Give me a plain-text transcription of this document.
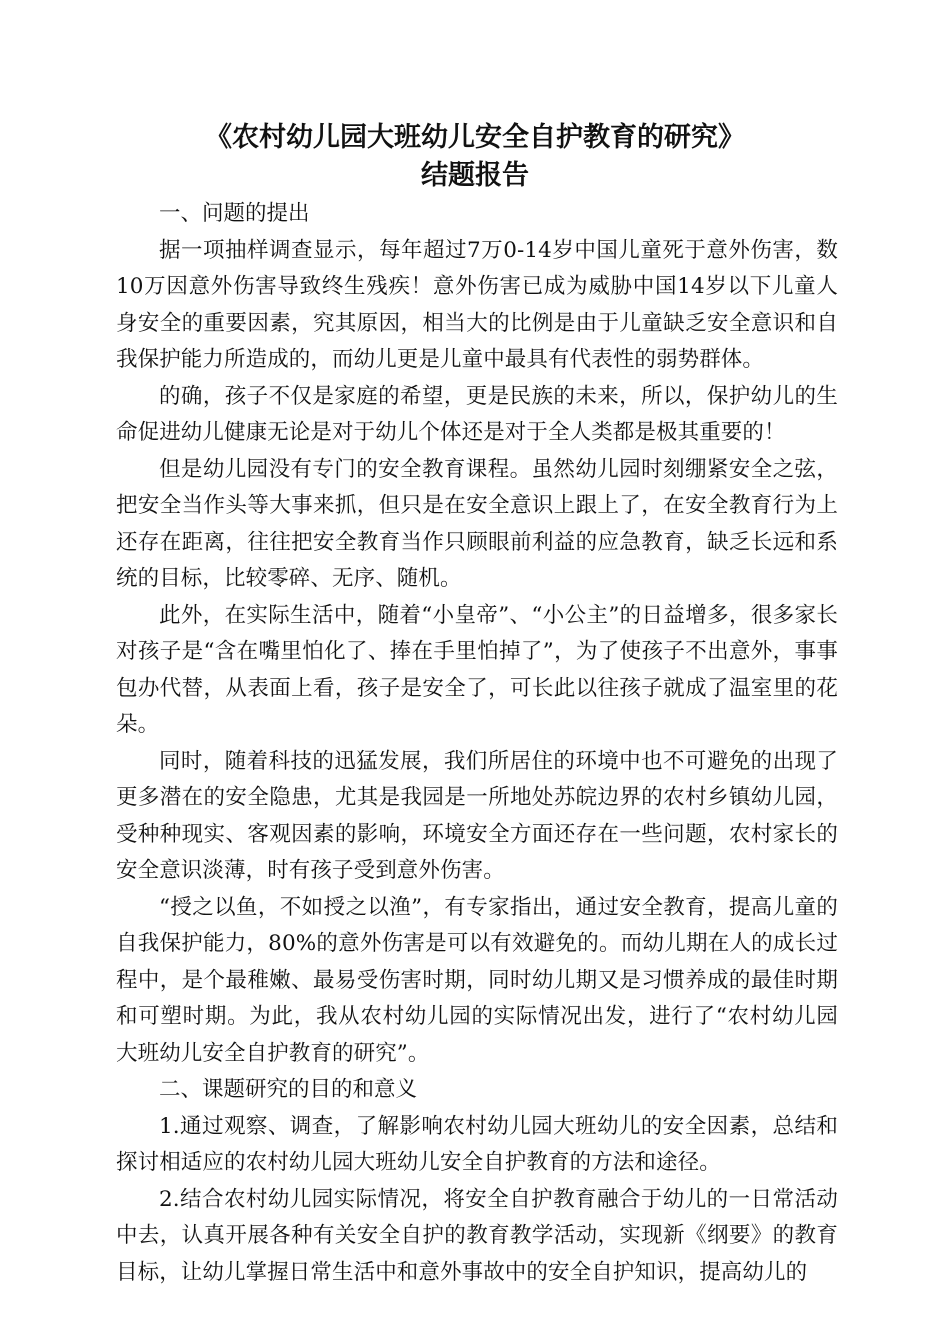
《农村幼儿园大班幼儿安全自护教育的研究》
结题报告

一、问题的提出

据一项抽样调查显示，每年超过7万0-14岁中国儿童死于意外伤害，数10万因意外伤害导致终生残疾！意外伤害已成为威胁中国14岁以下儿童人身安全的重要因素，究其原因，相当大的比例是由于儿童缺乏安全意识和自我保护能力所造成的，而幼儿更是儿童中最具有代表性的弱势群体。

的确，孩子不仅是家庭的希望，更是民族的未来，所以，保护幼儿的生命促进幼儿健康无论是对于幼儿个体还是对于全人类都是极其重要的！

但是幼儿园没有专门的安全教育课程。虽然幼儿园时刻绷紧安全之弦，把安全当作头等大事来抓，但只是在安全意识上跟上了，在安全教育行为上还存在距离，往往把安全教育当作只顾眼前利益的应急教育，缺乏长远和系统的目标，比较零碎、无序、随机。

此外，在实际生活中，随着“小皇帝”、“小公主”的日益增多，很多家长对孩子是“含在嘴里怕化了、捧在手里怕掉了”，为了使孩子不出意外，事事包办代替，从表面上看，孩子是安全了，可长此以往孩子就成了温室里的花朵。

同时，随着科技的迅猛发展，我们所居住的环境中也不可避免的出现了更多潜在的安全隐患，尤其是我园是一所地处苏皖边界的农村乡镇幼儿园，受种种现实、客观因素的影响，环境安全方面还存在一些问题，农村家长的安全意识淡薄，时有孩子受到意外伤害。

“授之以鱼，不如授之以渔”，有专家指出，通过安全教育，提高儿童的自我保护能力，80%的意外伤害是可以有效避免的。而幼儿期在人的成长过程中，是个最稚嫩、最易受伤害时期，同时幼儿期又是习惯养成的最佳时期和可塑时期。为此，我从农村幼儿园的实际情况出发，进行了“农村幼儿园大班幼儿安全自护教育的研究”。

二、课题研究的目的和意义

1.通过观察、调查，了解影响农村幼儿园大班幼儿的安全因素，总结和探讨相适应的农村幼儿园大班幼儿安全自护教育的方法和途径。

2.结合农村幼儿园实际情况，将安全自护教育融合于幼儿的一日常活动中去，认真开展各种有关安全自护的教育教学活动，实现新《纲要》的教育目标，让幼儿掌握日常生活中和意外事故中的安全自护知识，提高幼儿的
